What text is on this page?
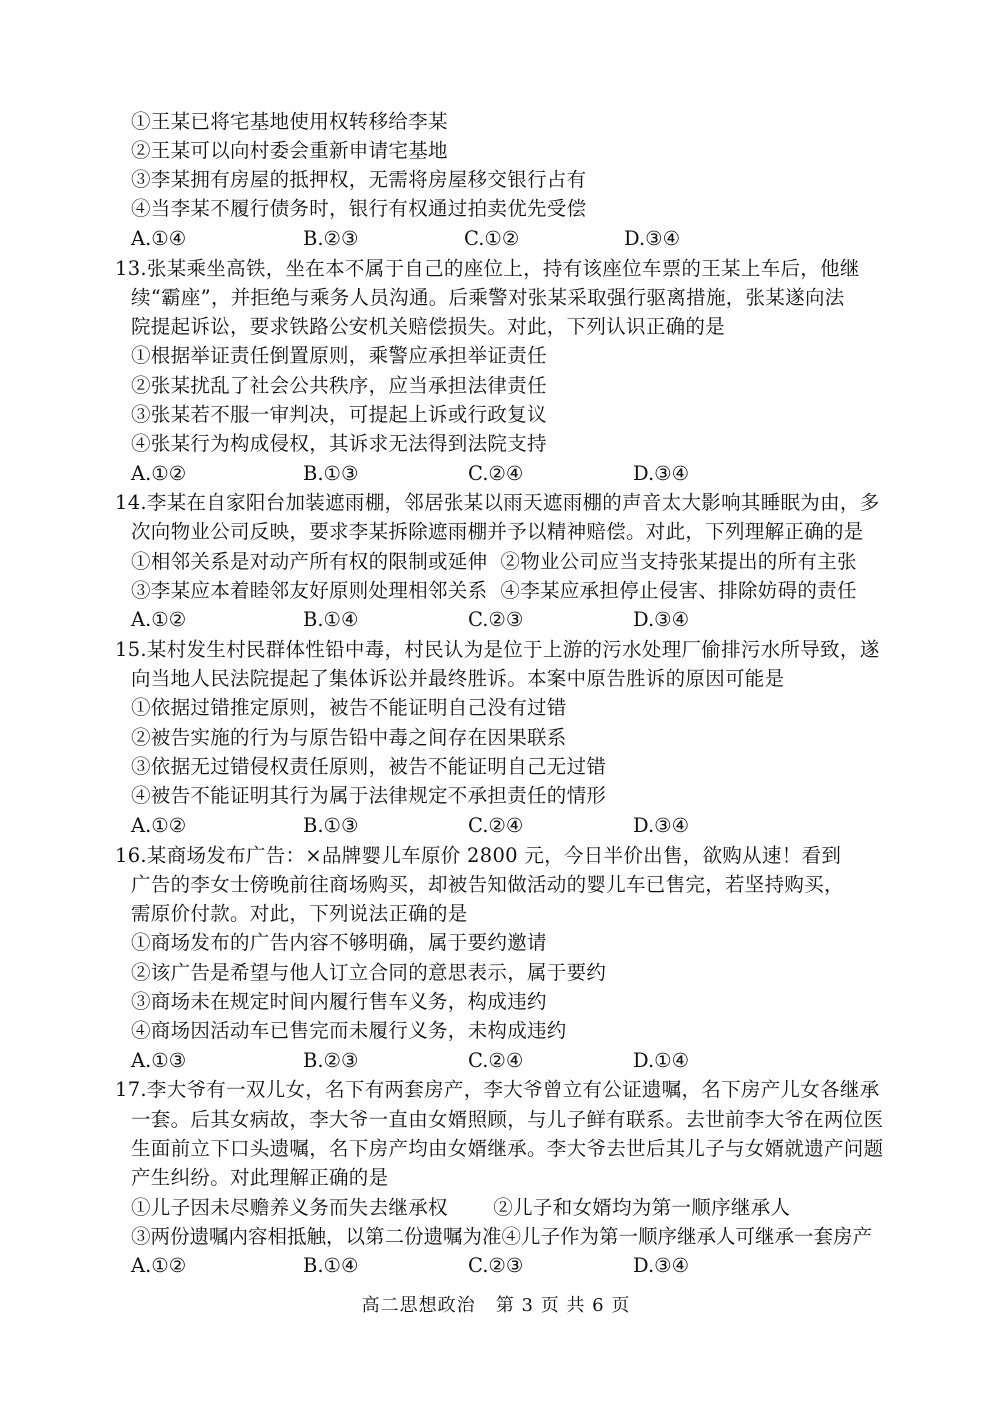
①王某已将宅基地使用权转移给李某
②王某可以向村委会重新申请宅基地
③李某拥有房屋的抵押权，无需将房屋移交银行占有
④当李某不履行债务时，银行有权通过拍卖优先受偿
A.①④	B.②③	C.①②	D.③④
13.张某乘坐高铁，坐在本不属于自己的座位上，持有该座位车票的王某上车后，他继
续“霸座”，并拒绝与乘务人员沟通。后乘警对张某采取强行驱离措施，张某遂向法
院提起诉讼，要求铁路公安机关赔偿损失。对此，下列认识正确的是
①根据举证责任倒置原则，乘警应承担举证责任
②张某扰乱了社会公共秩序，应当承担法律责任
③张某若不服一审判决，可提起上诉或行政复议
④张某行为构成侵权，其诉求无法得到法院支持
A.①②	B.①③	C.②④	D.③④
14.李某在自家阳台加装遮雨棚，邻居张某以雨天遮雨棚的声音太大影响其睡眠为由，多
次向物业公司反映，要求李某拆除遮雨棚并予以精神赔偿。对此，下列理解正确的是
①相邻关系是对动产所有权的限制或延伸  ②物业公司应当支持张某提出的所有主张
③李某应本着睦邻友好原则处理相邻关系  ④李某应承担停止侵害、排除妨碍的责任
A.①②	B.①④	C.②③	D.③④
15.某村发生村民群体性铅中毒，村民认为是位于上游的污水处理厂偷排污水所导致，遂
向当地人民法院提起了集体诉讼并最终胜诉。本案中原告胜诉的原因可能是
①依据过错推定原则，被告不能证明自己没有过错
②被告实施的行为与原告铅中毒之间存在因果联系
③依据无过错侵权责任原则，被告不能证明自己无过错
④被告不能证明其行为属于法律规定不承担责任的情形
A.①②	B.①③	C.②④	D.③④
16.某商场发布广告：×品牌婴儿车原价 2800 元，今日半价出售，欲购从速！看到
广告的李女士傍晚前往商场购买，却被告知做活动的婴儿车已售完，若坚持购买，
需原价付款。对此，下列说法正确的是
①商场发布的广告内容不够明确，属于要约邀请
②该广告是希望与他人订立合同的意思表示，属于要约
③商场未在规定时间内履行售车义务，构成违约
④商场因活动车已售完而未履行义务，未构成违约
A.①③	B.②③	C.②④	D.①④
17.李大爷有一双儿女，名下有两套房产，李大爷曾立有公证遗嘱，名下房产儿女各继承
一套。后其女病故，李大爷一直由女婿照顾，与儿子鲜有联系。去世前李大爷在两位医
生面前立下口头遗嘱，名下房产均由女婿继承。李大爷去世后其儿子与女婿就遗产问题
产生纠纷。对此理解正确的是
①儿子因未尽赡养义务而失去继承权       ②儿子和女婿均为第一顺序继承人
③两份遗嘱内容相抵触，以第二份遗嘱为准④儿子作为第一顺序继承人可继承一套房产
A.①②	B.①④	C.②③	D.③④
高二思想政治   第 3 页 共 6 页
